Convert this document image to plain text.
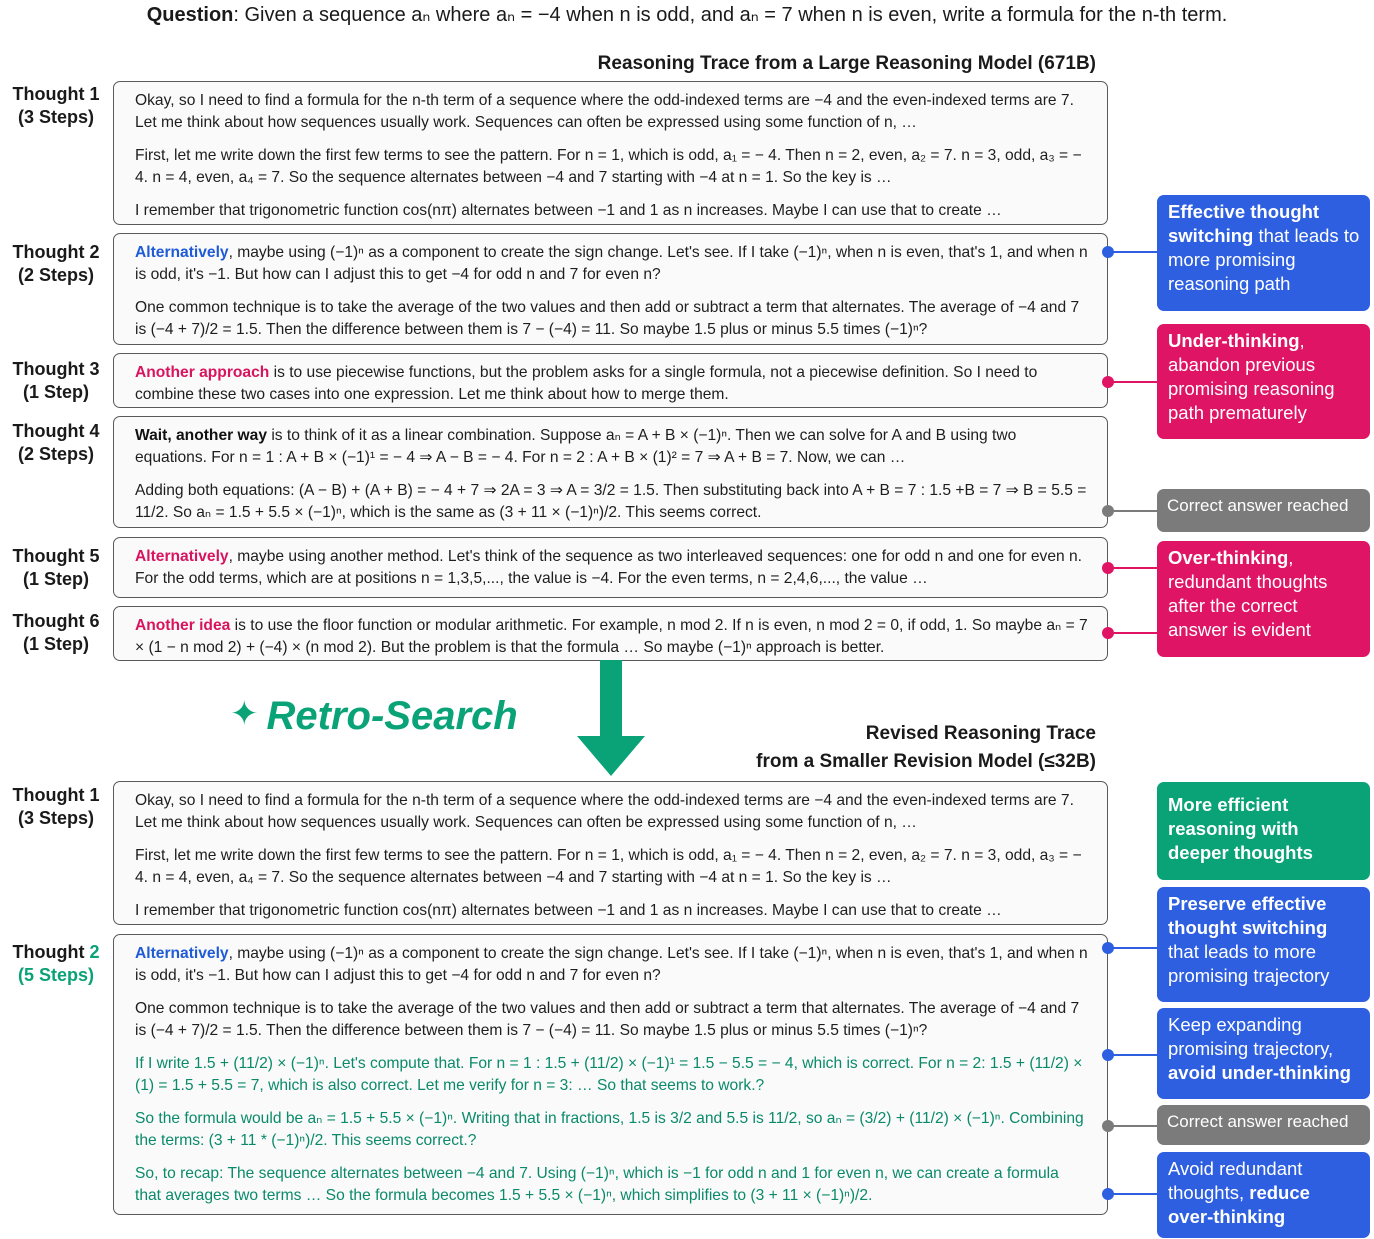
Question: Given a sequence aₙ where aₙ = −4 when n is odd, and aₙ = 7 when n is even, write a formula for the n-th term.
Reasoning Trace from a Large Reasoning Model (671B)
Thought 1
(3 Steps)
Thought 2
(2 Steps)
Thought 3
(1 Step)
Thought 4
(2 Steps)
Thought 5
(1 Step)
Thought 6
(1 Step)

Okay, so I need to find a formula for the n-th term of a sequence where the odd-indexed terms are −4 and the even-indexed terms are 7. Let me think about how sequences usually work. Sequences can often be expressed using some function of n, …

First, let me write down the first few terms to see the pattern. For n = 1, which is odd, a₁ = − 4. Then n = 2, even, a₂ = 7. n = 3, odd, a₃ = − 4. n = 4, even, a₄ = 7. So the sequence alternates between −4 and 7 starting with −4 at n = 1. So the key is …

I remember that trigonometric function cos(nπ) alternates between −1 and 1 as n increases. Maybe I can use that to create …

Alternatively, maybe using (−1)ⁿ as a component to create the sign change. Let's see. If I take (−1)ⁿ, when n is even, that's 1, and when n is odd, it's −1. But how can I adjust this to get −4 for odd n and 7 for even n?

One common technique is to take the average of the two values and then add or subtract a term that alternates. The average of −4 and 7 is (−4 + 7)/2 = 1.5. Then the difference between them is 7 − (−4) = 11. So maybe 1.5 plus or minus 5.5 times (−1)ⁿ?

Another approach is to use piecewise functions, but the problem asks for a single formula, not a piecewise definition. So I need to combine these two cases into one expression. Let me think about how to merge them.

Wait, another way is to think of it as a linear combination. Suppose aₙ = A + B × (−1)ⁿ. Then we can solve for A and B using two equations. For n = 1 : A + B × (−1)¹ = − 4 ⇒ A − B = − 4. For n = 2 : A + B × (1)² = 7 ⇒ A + B = 7. Now, we can …

Adding both equations: (A − B) + (A + B) = − 4 + 7 ⇒ 2A = 3 ⇒ A = 3/2 = 1.5. Then substituting back into A + B = 7 : 1.5 +B = 7 ⇒ B = 5.5 = 11/2. So aₙ = 1.5 + 5.5 × (−1)ⁿ, which is the same as (3 + 11 × (−1)ⁿ)/2. This seems correct.

Alternatively, maybe using another method. Let's think of the sequence as two interleaved sequences: one for odd n and one for even n. For the odd terms, which are at positions n = 1,3,5,..., the value is −4. For the even terms, n = 2,4,6,..., the value …

Another idea is to use the floor function or modular arithmetic. For example, n mod 2. If n is even, n mod 2 = 0, if odd, 1. So maybe aₙ = 7 × (1 − n mod 2) + (−4) × (n mod 2). But the problem is that the formula … So maybe (−1)ⁿ approach is better.

Effective thought switching that leads to more promising reasoning path
Under-thinking, abandon previous promising reasoning path prematurely
Correct answer reached
Over-thinking, redundant thoughts after the correct answer is evident
✦ Retro-Search	Revised Reasoning Trace
from a Smaller Revision Model (≤32B)
Thought 1
(3 Steps)
Thought 2
(5 Steps)

Okay, so I need to find a formula for the n-th term of a sequence where the odd-indexed terms are −4 and the even-indexed terms are 7. Let me think about how sequences usually work. Sequences can often be expressed using some function of n, …

First, let me write down the first few terms to see the pattern. For n = 1, which is odd, a₁ = − 4. Then n = 2, even, a₂ = 7. n = 3, odd, a₃ = − 4. n = 4, even, a₄ = 7. So the sequence alternates between −4 and 7 starting with −4 at n = 1. So the key is …

I remember that trigonometric function cos(nπ) alternates between −1 and 1 as n increases. Maybe I can use that to create …

Alternatively, maybe using (−1)ⁿ as a component to create the sign change. Let's see. If I take (−1)ⁿ, when n is even, that's 1, and when n is odd, it's −1. But how can I adjust this to get −4 for odd n and 7 for even n?

One common technique is to take the average of the two values and then add or subtract a term that alternates. The average of −4 and 7 is (−4 + 7)/2 = 1.5. Then the difference between them is 7 − (−4) = 11. So maybe 1.5 plus or minus 5.5 times (−1)ⁿ?

If I write 1.5 + (11/2) × (−1)ⁿ. Let's compute that. For n = 1 : 1.5 + (11/2) × (−1)¹ = 1.5 − 5.5 = − 4, which is correct. For n = 2: 1.5 + (11/2) × (1) = 1.5 + 5.5 = 7, which is also correct. Let me verify for n = 3: … So that seems to work.?

So the formula would be aₙ = 1.5 + 5.5 × (−1)ⁿ. Writing that in fractions, 1.5 is 3/2 and 5.5 is 11/2, so aₙ = (3/2) + (11/2) × (−1)ⁿ. Combining the terms: (3 + 11 * (−1)ⁿ)/2. This seems correct.?

So, to recap: The sequence alternates between −4 and 7. Using (−1)ⁿ, which is −1 for odd n and 1 for even n, we can create a formula that averages two terms … So the formula becomes 1.5 + 5.5 × (−1)ⁿ, which simplifies to (3 + 11 × (−1)ⁿ)/2.

More efficient reasoning with deeper thoughts
Preserve effective thought switching that leads to more promising trajectory
Keep expanding promising trajectory, avoid under-thinking
Correct answer reached
Avoid redundant thoughts, reduce over-thinking
